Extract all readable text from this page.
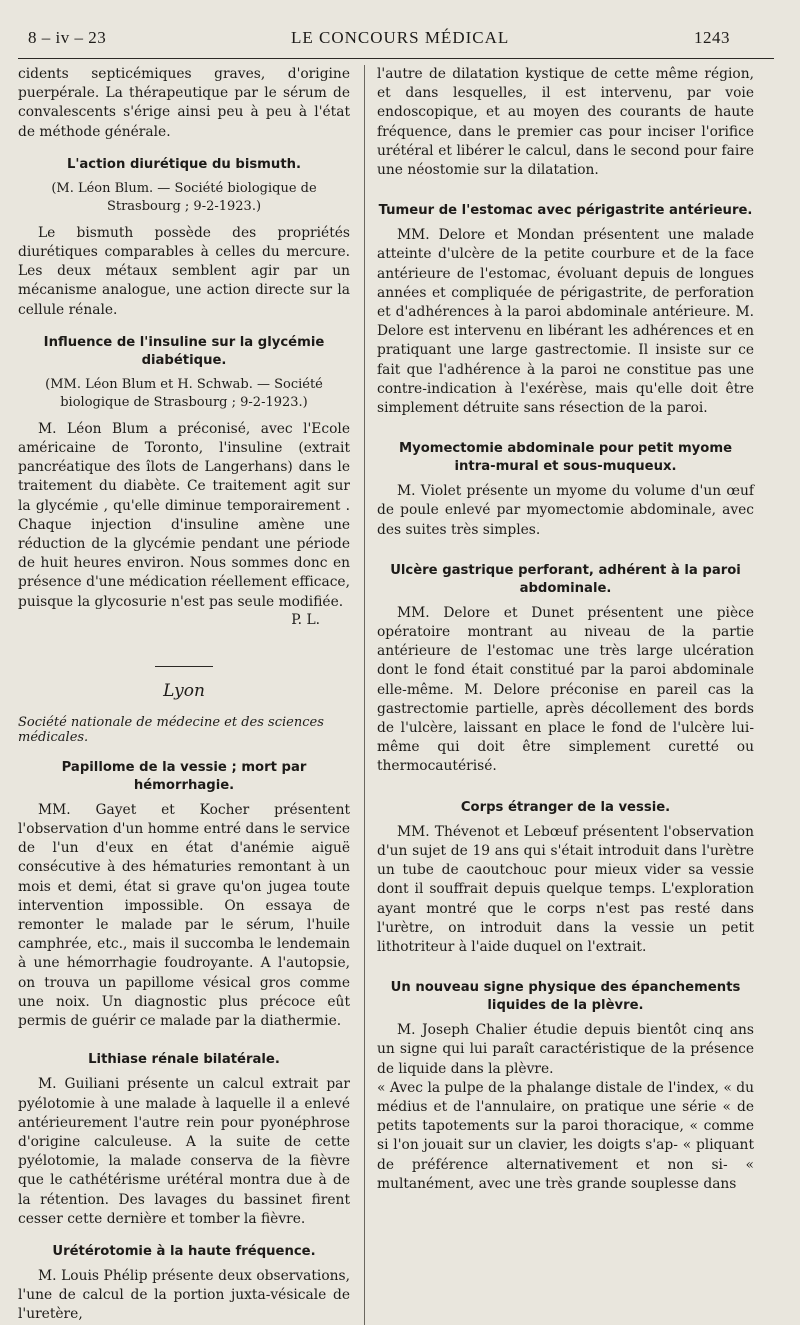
8 – iv – 23	LE CONCOURS MÉDICAL	1243

cidents septicémiques graves, d'origine puerpérale. La thérapeutique par le sérum de convalescents s'érige ainsi peu à peu à l'état de méthode générale.

L'action diurétique du bismuth.
(M. Léon Blum. — Société biologique de Strasbourg ; 9-2-1923.)

Le bismuth possède des propriétés diurétiques comparables à celles du mercure. Les deux métaux semblent agir par un mécanisme analogue, une action directe sur la cellule rénale.

Influence de l'insuline sur la glycémie diabétique.
(MM. Léon Blum et H. Schwab. — Société biologique de Strasbourg ; 9-2-1923.)

M. Léon Blum a préconisé, avec l'Ecole américaine de Toronto, l'insuline (extrait pancréatique des îlots de Langerhans) dans le traitement du diabète. Ce traitement agit sur la glycémie , qu'elle diminue temporairement . Chaque injection d'insuline amène une réduction de la glycémie pendant une période de huit heures environ. Nous sommes donc en présence d'une médication réellement efficace, puisque la glycosurie n'est pas seule modifiée.

P. L.
Lyon
Société nationale de médecine et des sciences médicales.
Papillome de la vessie ; mort par hémorrhagie.

MM. Gayet et Kocher présentent l'observation d'un homme entré dans le service de l'un d'eux en état d'anémie aiguë consécutive à des hématuries remontant à un mois et demi, état si grave qu'on jugea toute intervention impossible. On essaya de remonter le malade par le sérum, l'huile camphrée, etc., mais il succomba le lendemain à une hémorrhagie foudroyante. A l'autopsie, on trouva un papillome vésical gros comme une noix. Un diagnostic plus précoce eût permis de guérir ce malade par la diathermie.

Lithiase rénale bilatérale.

M. Guiliani présente un calcul extrait par pyélotomie à une malade à laquelle il a enlevé antérieurement l'autre rein pour pyonéphrose d'origine calculeuse. A la suite de cette pyélotomie, la malade conserva de la fièvre que le cathétérisme urétéral montra due à de la rétention. Des lavages du bassinet firent cesser cette dernière et tomber la fièvre.

Urétérotomie à la haute fréquence.

M. Louis Phélip présente deux observations, l'une de calcul de la portion juxta-vésicale de l'uretère,

l'autre de dilatation kystique de cette même région, et dans lesquelles, il est intervenu, par voie endoscopique, et au moyen des courants de haute fréquence, dans le premier cas pour inciser l'orifice urétéral et libérer le calcul, dans le second pour faire une néostomie sur la dilatation.

Tumeur de l'estomac avec périgastrite antérieure.

MM. Delore et Mondan présentent une malade atteinte d'ulcère de la petite courbure et de la face antérieure de l'estomac, évoluant depuis de longues années et compliquée de périgastrite, de perforation et d'adhérences à la paroi abdominale antérieure. M. Delore est intervenu en libérant les adhérences et en pratiquant une large gastrectomie. Il insiste sur ce fait que l'adhérence à la paroi ne constitue pas une contre-indication à l'exérèse, mais qu'elle doit être simplement détruite sans résection de la paroi.

Myomectomie abdominale pour petit myome intra-mural et sous-muqueux.

M. Violet présente un myome du volume d'un œuf de poule enlevé par myomectomie abdominale, avec des suites très simples.

Ulcère gastrique perforant, adhérent à la paroi abdominale.

MM. Delore et Dunet présentent une pièce opératoire montrant au niveau de la partie antérieure de l'estomac une très large ulcération dont le fond était constitué par la paroi abdominale elle-même. M. Delore préconise en pareil cas la gastrectomie partielle, après décollement des bords de l'ulcère, laissant en place le fond de l'ulcère lui-même qui doit être simplement curetté ou thermocautérisé.

Corps étranger de la vessie.

MM. Thévenot et Lebœuf présentent l'observation d'un sujet de 19 ans qui s'était introduit dans l'urètre un tube de caoutchouc pour mieux vider sa vessie dont il souffrait depuis quelque temps. L'exploration ayant montré que le corps n'est pas resté dans l'urètre, on introduit dans la vessie un petit lithotriteur à l'aide duquel on l'extrait.

Un nouveau signe physique des épanchements liquides de la plèvre.

M. Joseph Chalier étudie depuis bientôt cinq ans un signe qui lui paraît caractéristique de la présence de liquide dans la plèvre.

« Avec la pulpe de la phalange distale de l'index, « du médius et de l'annulaire, on pratique une série « de petits tapotements sur la paroi thoracique, « comme si l'on jouait sur un clavier, les doigts s'ap- « pliquant de préférence alternativement et non si- « multanément, avec une très grande souplesse dans
